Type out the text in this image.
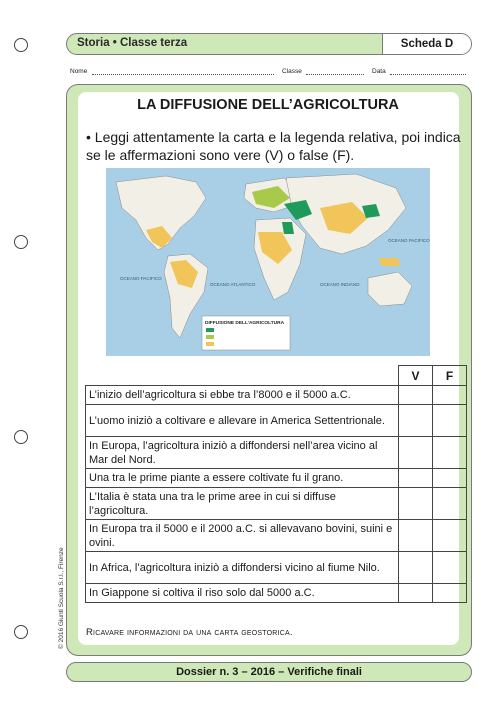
Storia • Classe terza	Scheda D
Nome	Classe	Data
LA DIFFUSIONE DELL’AGRICOLTURA
• Leggi attentamente la carta e la legenda relativa, poi indica se le affermazioni sono vere (V) o false (F).
OCEANO PACIFICO
OCEANO ATLANTICO	OCEANO INDIANO
OCEANO PACIFICO
DIFFUSIONE DELL’AGRICOLTURA
	V	F
L’inizio dell’agricoltura si ebbe tra l’8000 e il 5000 a.C.		
L’uomo iniziò a coltivare e allevare in America Settentrionale.		
In Europa, l’agricoltura iniziò a diffondersi nell’area vicino al Mar del Nord.		
Una tra le prime piante a essere coltivate fu il grano.		
L’Italia è stata una tra le prime aree in cui si diffuse l’agricoltura.		
In Europa tra il 5000 e il 2000 a.C. si allevavano bovini, suini e ovini.		
In Africa, l’agricoltura iniziò a diffondersi vicino al fiume Nilo.		
In Giappone si coltiva il riso solo dal 5000 a.C.		
Ricavare informazioni da una carta geostorica.
Dossier n. 3 – 2016 – Verifiche finali
© 2016 Giunti Scuola S.r.l., Firenze
